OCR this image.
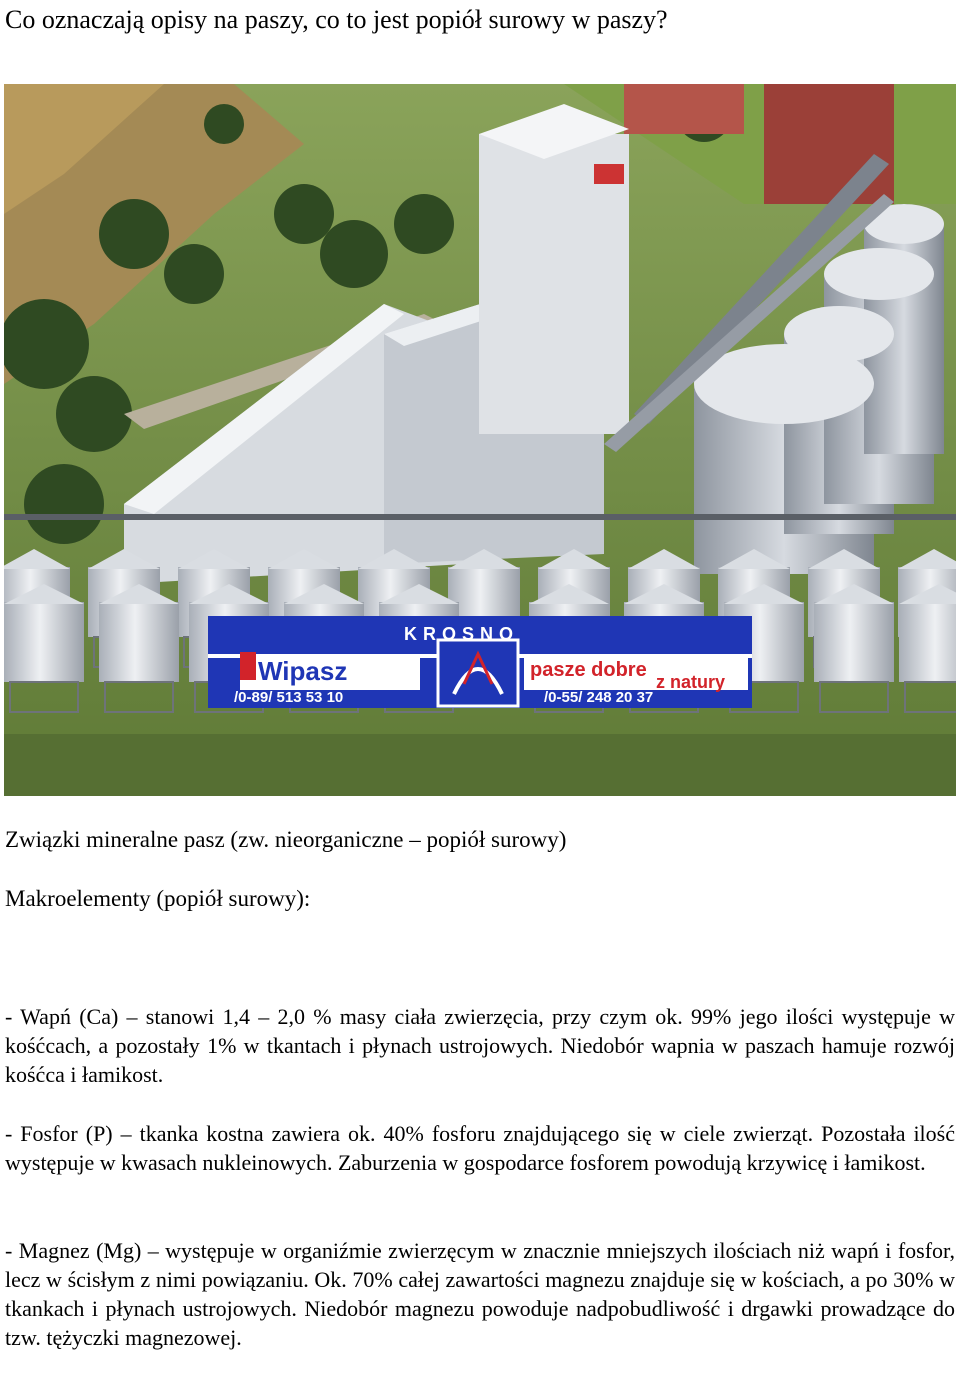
Co oznaczają opisy na paszy, co to jest popiół surowy w paszy?
Wipasz
KROSNO
pasze dobre
z natury
/0-89/ 513 53 10	/0-55/ 248 20 37
Związki mineralne pasz (zw. nieorganiczne – popiół surowy)
Makroelementy (popiół surowy):

- Wapń (Ca) – stanowi 1,4 – 2,0 % masy ciała zwierzęcia, przy czym ok. 99% jego ilości występuje w kośćcach, a pozostały 1% w tkantach i płynach ustrojowych. Niedobór wapnia w paszach hamuje rozwój kośćca i łamikost.

- Fosfor (P) – tkanka kostna zawiera ok. 40% fosforu znajdującego się w ciele zwierząt. Pozostała ilość występuje w kwasach nukleinowych. Zaburzenia w gospodarce fosforem powodują krzywicę i łamikost.

- Magnez (Mg) – występuje w organiźmie zwierzęcym w znacznie mniejszych ilościach niż wapń i fosfor, lecz w ścisłym z nimi powiązaniu. Ok. 70% całej zawartości magnezu znajduje się w kościach, a po 30% w tkankach i płynach ustrojowych. Niedobór magnezu powoduje nadpobudliwość i drgawki prowadzące do tzw. tężyczki magnezowej.
